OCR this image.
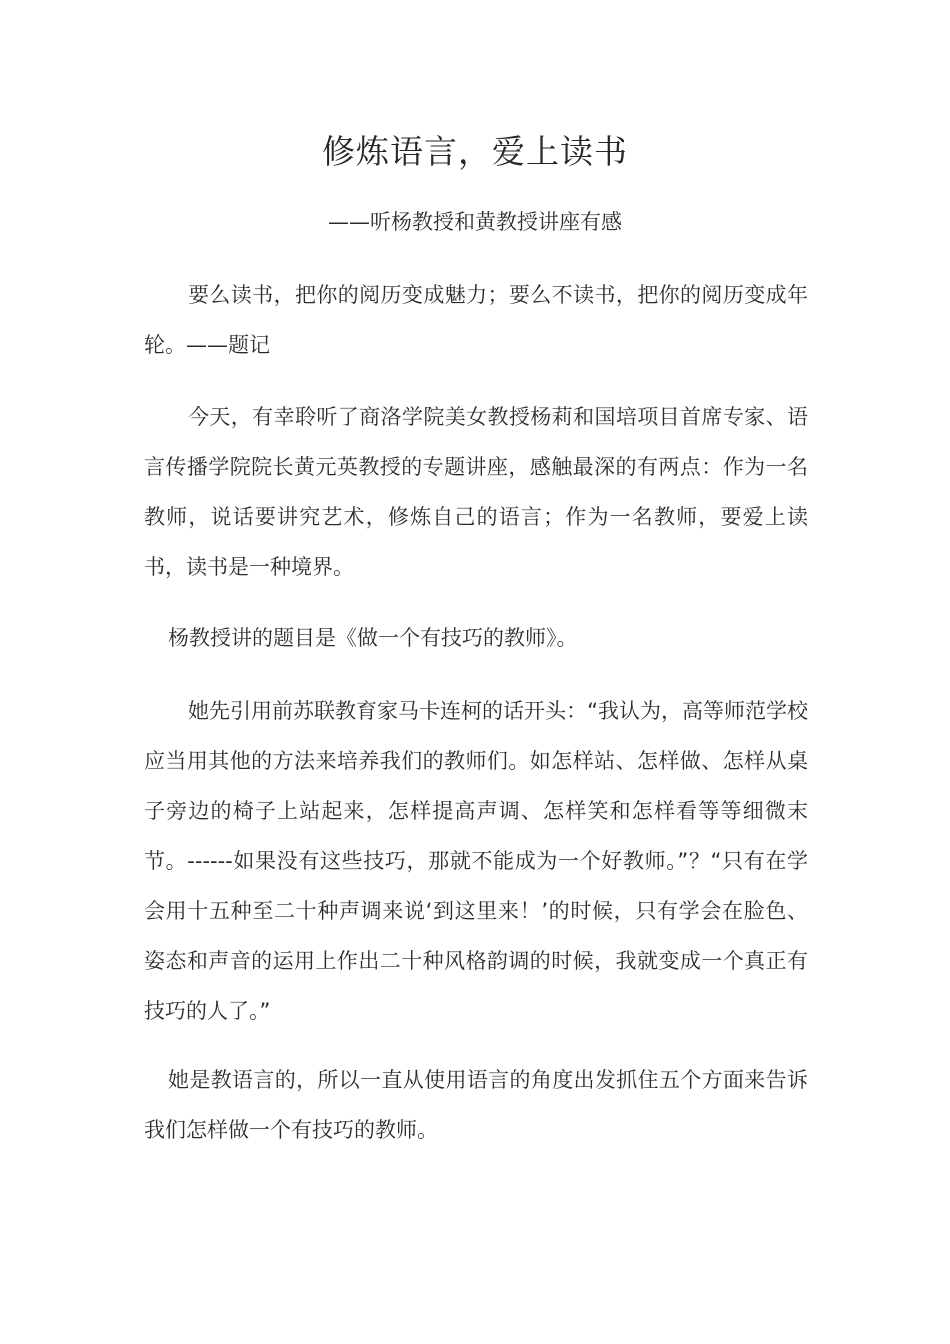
修炼语言，爱上读书

——听杨教授和黄教授讲座有感

要么读书，把你的阅历变成魅力；要么不读书，把你的阅历变成年轮。——题记

今天，有幸聆听了商洛学院美女教授杨莉和国培项目首席专家、语言传播学院院长黄元英教授的专题讲座，感触最深的有两点：作为一名教师，说话要讲究艺术，修炼自己的语言；作为一名教师，要爱上读书，读书是一种境界。

杨教授讲的题目是《做一个有技巧的教师》。

她先引用前苏联教育家马卡连柯的话开头：“我认为，高等师范学校应当用其他的方法来培养我们的教师们。如怎样站、怎样做、怎样从桌子旁边的椅子上站起来，怎样提高声调、怎样笑和怎样看等等细微末节。------如果没有这些技巧，那就不能成为一个好教师。”？“只有在学会用十五种至二十种声调来说‘到这里来！’的时候，只有学会在脸色、姿态和声音的运用上作出二十种风格韵调的时候，我就变成一个真正有技巧的人了。”

她是教语言的，所以一直从使用语言的角度出发抓住五个方面来告诉我们怎样做一个有技巧的教师。
